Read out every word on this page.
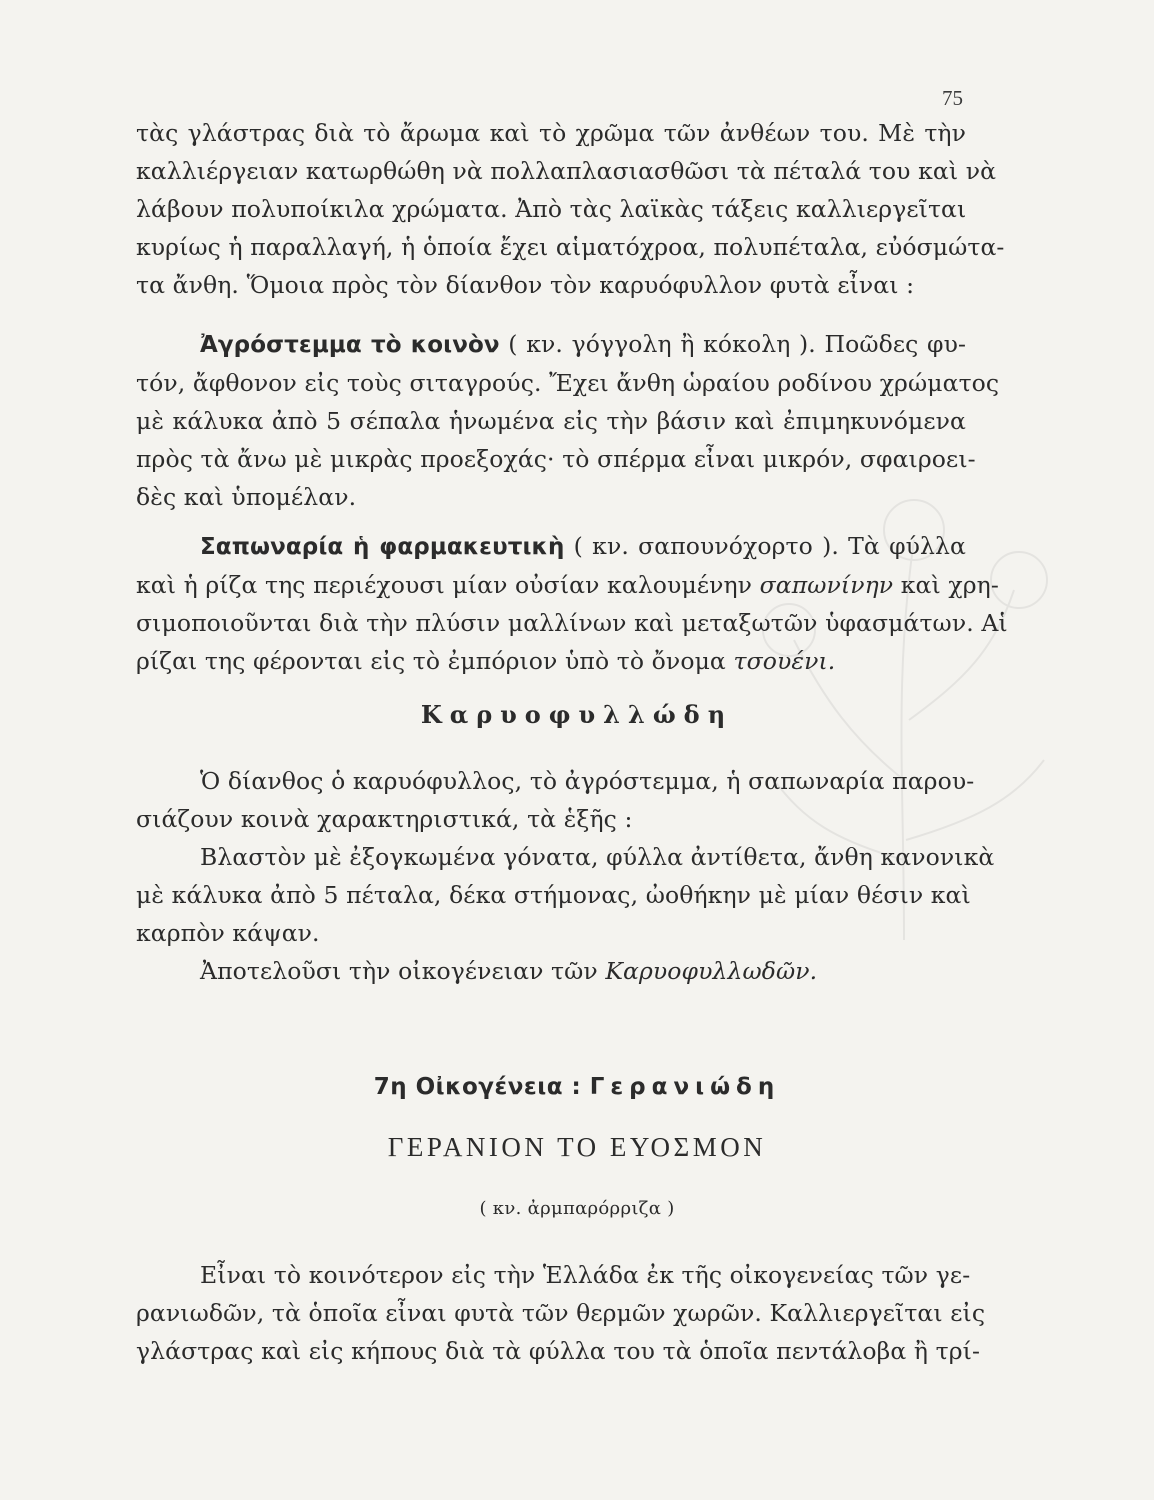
75
τὰς γλάστρας διὰ τὸ ἄρωμα καὶ τὸ χρῶμα τῶν ἀνθέων του. Μὲ τὴν
καλλιέργειαν κατωρθώθη νὰ πολλαπλασιασθῶσι τὰ πέταλά του καὶ νὰ
λάβουν πολυποίκιλα χρώματα. Ἀπὸ τὰς λαϊκὰς τάξεις καλλιεργεῖται
κυρίως ἡ παραλλαγή, ἡ ὁποία ἔχει αἱματόχροα, πολυπέταλα, εὐόσμώτα-
τα ἄνθη. Ὅμοια πρὸς τὸν δίανθον τὸν καρυόφυλλον φυτὰ εἶναι :
Ἀγρόστεμμα τὸ κοινὸν ( κν. γόγγολη ἢ κόκολη ). Ποῶδες φυ-
τόν, ἄφθονον εἰς τοὺς σιταγρούς. Ἔχει ἄνθη ὡραίου ροδίνου χρώματος
μὲ κάλυκα ἀπὸ 5 σέπαλα ἡνωμένα εἰς τὴν βάσιν καὶ ἐπιμηκυνόμενα
πρὸς τὰ ἄνω μὲ μικρὰς προεξοχάς· τὸ σπέρμα εἶναι μικρόν, σφαιροει-
δὲς καὶ ὑπομέλαν.
Σαπωναρία ἡ φαρμακευτικὴ ( κν. σαπουνόχορτο ). Τὰ φύλλα
καὶ ἡ ρίζα της περιέχουσι μίαν οὐσίαν καλουμένην σαπωνίνην καὶ χρη-
σιμοποιοῦνται διὰ τὴν πλύσιν μαλλίνων καὶ μεταξωτῶν ὑφασμάτων. Αἱ
ρίζαι της φέρονται εἰς τὸ ἐμπόριον ὑπὸ τὸ ὄνομα τσουένι.
Καρυοφυλλώδη
Ὁ δίανθος ὁ καρυόφυλλος, τὸ ἀγρόστεμμα, ἡ σαπωναρία παρου-
σιάζουν κοινὰ χαρακτηριστικά, τὰ ἑξῆς :
Βλαστὸν μὲ ἐξογκωμένα γόνατα, φύλλα ἀντίθετα, ἄνθη κανονικὰ
μὲ κάλυκα ἀπὸ 5 πέταλα, δέκα στήμονας, ὠοθήκην μὲ μίαν θέσιν καὶ
καρπὸν κάψαν.
Ἀποτελοῦσι τὴν οἰκογένειαν τῶν Καρυοφυλλωδῶν.
7η Οἰκογένεια : Γερανιώδη
ΓΕΡΑΝΙΟΝ ΤΟ ΕΥΟΣΜΟΝ
( κν. ἀρμπαρόρριζα )
Εἶναι τὸ κοινότερον εἰς τὴν Ἑλλάδα ἐκ τῆς οἰκογενείας τῶν γε-
ρανιωδῶν, τὰ ὁποῖα εἶναι φυτὰ τῶν θερμῶν χωρῶν. Καλλιεργεῖται εἰς
γλάστρας καὶ εἰς κήπους διὰ τὰ φύλλα του τὰ ὁποῖα πεντάλοβα ἢ τρί-
